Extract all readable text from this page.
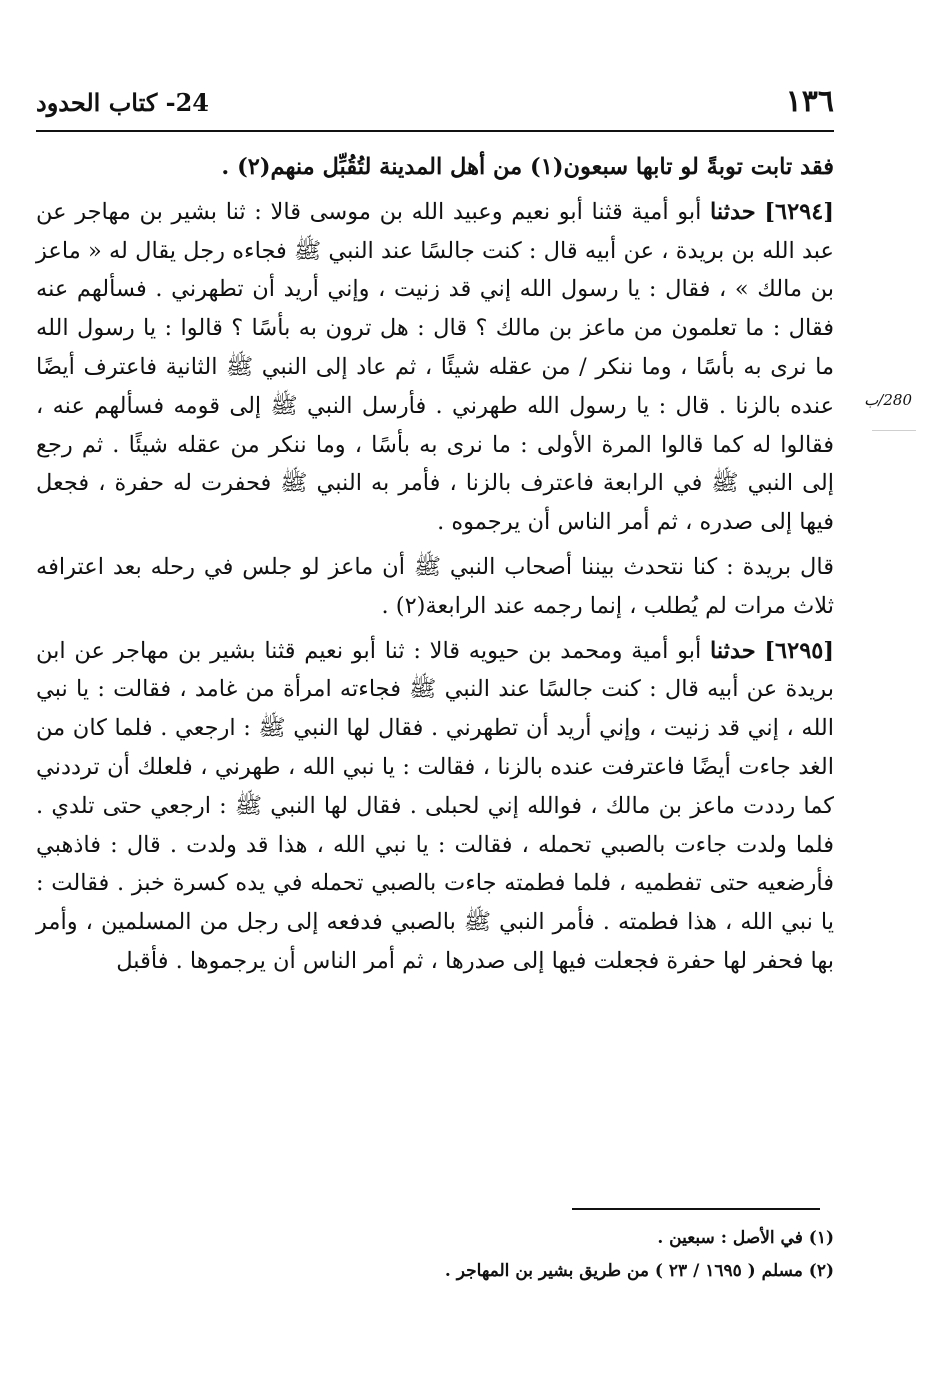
١٣٦
24- كتاب الحدود
280/ب

فقد تابت توبةً لو تابها سبعون(١) من أهل المدينة لتُقُبِّل منهم(٢) .

[٦٢٩٤] حدثنا أبو أمية قثنا أبو نعيم وعبيد الله بن موسى قالا : ثنا بشير بن مهاجر عن عبد الله بن بريدة ، عن أبيه قال : كنت جالسًا عند النبي ﷺ فجاءه رجل يقال له « ماعز بن مالك » ، فقال : يا رسول الله إني قد زنيت ، وإني أريد أن تطهرني . فسألهم عنه فقال : ما تعلمون من ماعز بن مالك ؟ قال : هل ترون به بأسًا ؟ قالوا : يا رسول الله ما نرى به بأسًا ، وما ننكر / من عقله شيئًا ، ثم عاد إلى النبي ﷺ الثانية فاعترف أيضًا عنده بالزنا . قال : يا رسول الله طهرني . فأرسل النبي ﷺ إلى قومه فسألهم عنه ، فقالوا له كما قالوا المرة الأولى : ما نرى به بأسًا ، وما ننكر من عقله شيئًا . ثم رجع إلى النبي ﷺ في الرابعة فاعترف بالزنا ، فأمر به النبي ﷺ فحفرت له حفرة ، فجعل فيها إلى صدره ، ثم أمر الناس أن يرجموه .

قال بريدة : كنا نتحدث بيننا أصحاب النبي ﷺ أن ماعز لو جلس في رحله بعد اعترافه ثلاث مرات لم يُطلب ، إنما رجمه عند الرابعة(٢) .

[٦٢٩٥] حدثنا أبو أمية ومحمد بن حيويه قالا : ثنا أبو نعيم قثنا بشير بن مهاجر عن ابن بريدة عن أبيه قال : كنت جالسًا عند النبي ﷺ فجاءته امرأة من غامد ، فقالت : يا نبي الله ، إني قد زنيت ، وإني أريد أن تطهرني . فقال لها النبي ﷺ : ارجعي . فلما كان من الغد جاءت أيضًا فاعترفت عنده بالزنا ، فقالت : يا نبي الله ، طهرني ، فلعلك أن ترددني كما رددت ماعز بن مالك ، فوالله إني لحبلى . فقال لها النبي ﷺ : ارجعي حتى تلدي . فلما ولدت جاءت بالصبي تحمله ، فقالت : يا نبي الله ، هذا قد ولدت . قال : فاذهبي فأرضعيه حتى تفطميه ، فلما فطمته جاءت بالصبي تحمله في يده كسرة خبز . فقالت : يا نبي الله ، هذا فطمته . فأمر النبي ﷺ بالصبي فدفعه إلى رجل من المسلمين ، وأمر بها فحفر لها حفرة فجعلت فيها إلى صدرها ، ثم أمر الناس أن يرجموها . فأقبل

(١) في الأصل : سبعين .

(٢) مسلم ( ١٦٩٥ / ٢٣ ) من طريق بشير بن المهاجر .
